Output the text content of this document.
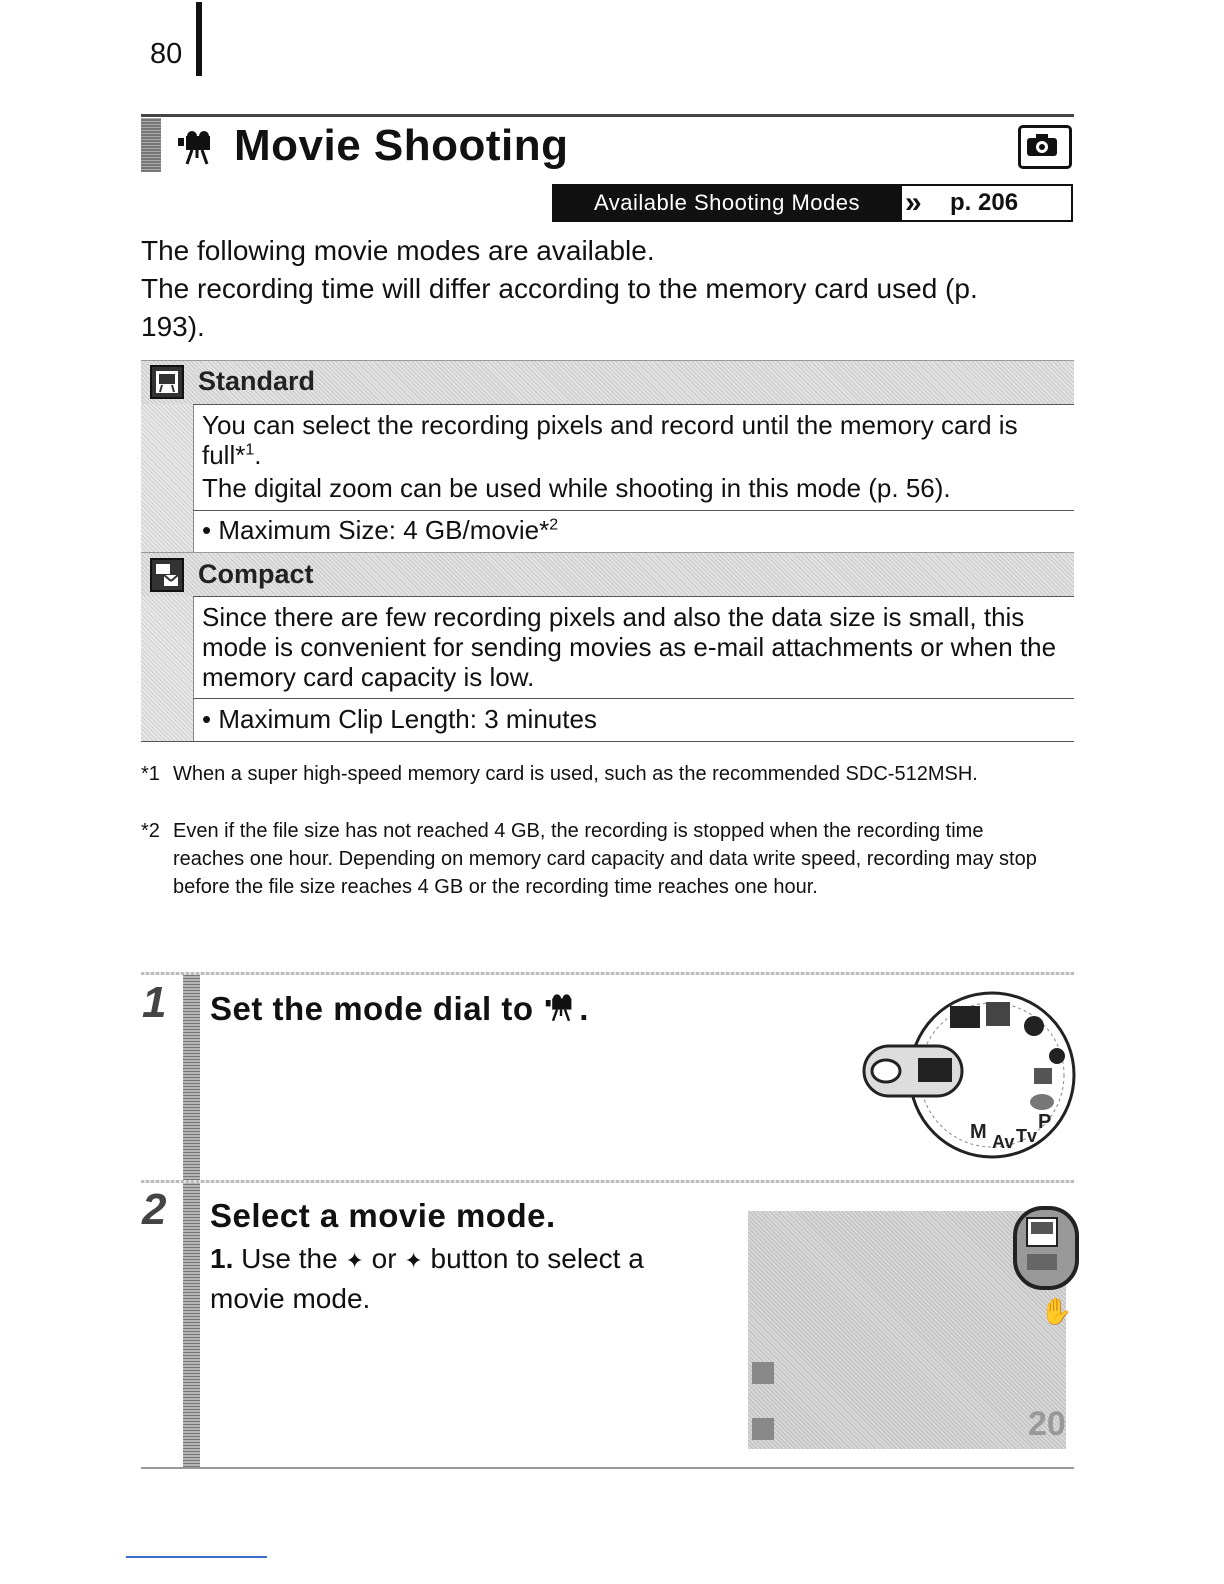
80
Movie Shooting
Available Shooting Modes	» p. 206
The following movie modes are available.
The recording time will differ according to the memory card used (p. 193).
Standard
You can select the recording pixels and record until the memory card is full*$^1$.
The digital zoom can be used while shooting in this mode (p. 56).
• Maximum Size: 4 GB/movie*$^2$
Compact
Since there are few recording pixels and also the data size is small, this mode is convenient for sending movies as e-mail attachments or when the memory card capacity is low.
• Maximum Clip Length: 3 minutes
*1 When a super high-speed memory card is used, such as the recommended SDC-512MSH.
*2 Even if the file size has not reached 4 GB, the recording is stopped when the recording time reaches one hour. Depending on memory card capacity and data write speed, recording may stop before the file size reaches 4 GB or the recording time reaches one hour.
1 Set the mode dial to .
M Av Tv
P
2 Select a movie mode.
1. Use the ✦ or ✦ button to select a movie mode.	✋
20
